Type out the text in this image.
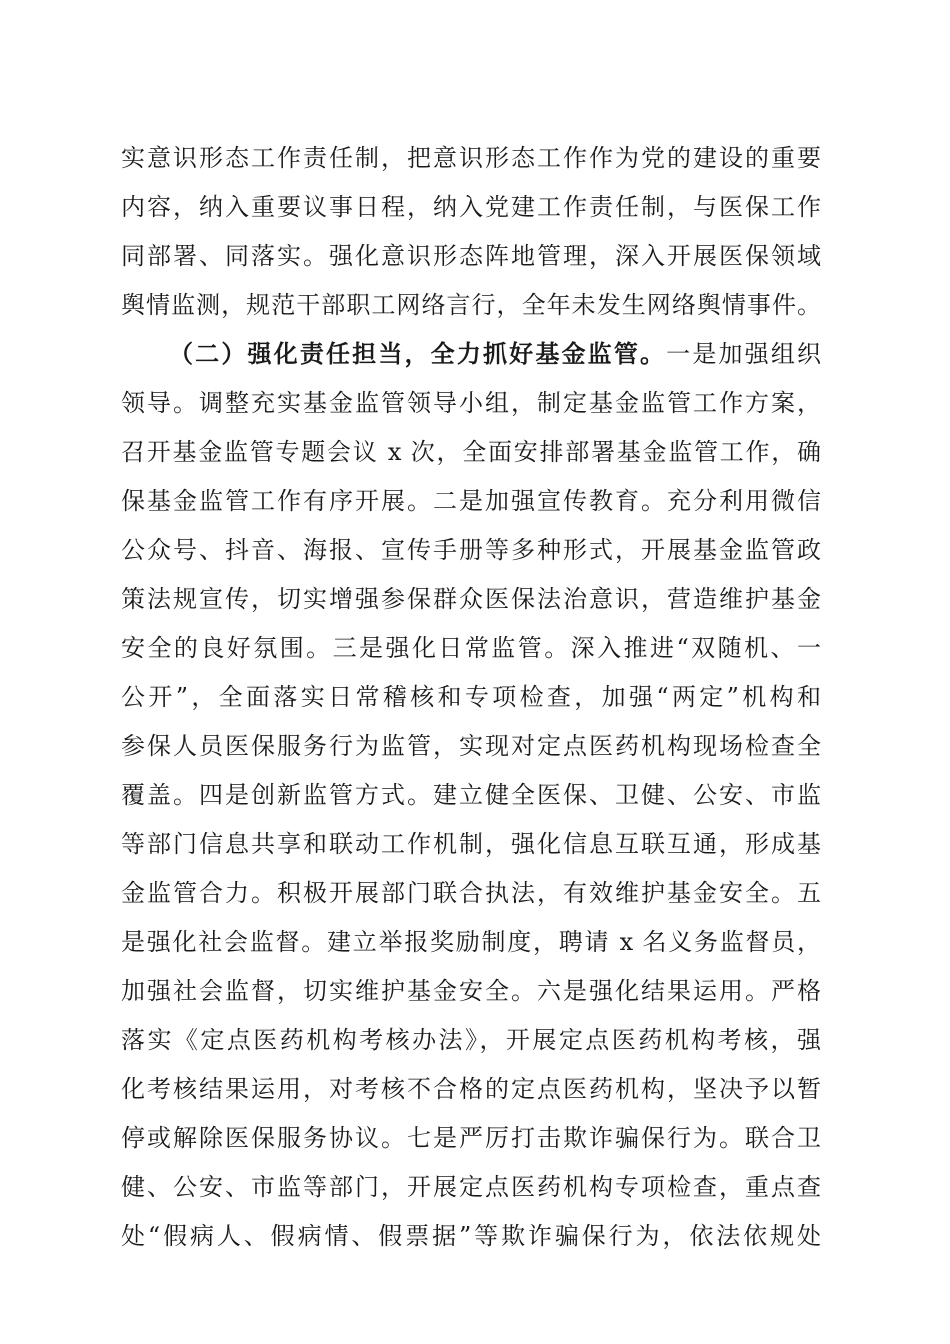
实意识形态工作责任制，把意识形态工作作为党的建设的重要
内容，纳入重要议事日程，纳入党建工作责任制，与医保工作
同部署、同落实。强化意识形态阵地管理，深入开展医保领域
舆情监测，规范干部职工网络言行，全年未发生网络舆情事件。
（二）强化责任担当，全力抓好基金监管。一是加强组织
领导。调整充实基金监管领导小组，制定基金监管工作方案，
召开基金监管专题会议 x 次，全面安排部署基金监管工作，确
保基金监管工作有序开展。二是加强宣传教育。充分利用微信
公众号、抖音、海报、宣传手册等多种形式，开展基金监管政
策法规宣传，切实增强参保群众医保法治意识，营造维护基金
安全的良好氛围。三是强化日常监管。深入推进“双随机、一
公开”，全面落实日常稽核和专项检查，加强“两定”机构和
参保人员医保服务行为监管，实现对定点医药机构现场检查全
覆盖。四是创新监管方式。建立健全医保、卫健、公安、市监
等部门信息共享和联动工作机制，强化信息互联互通，形成基
金监管合力。积极开展部门联合执法，有效维护基金安全。五
是强化社会监督。建立举报奖励制度，聘请 x 名义务监督员，
加强社会监督，切实维护基金安全。六是强化结果运用。严格
落实《定点医药机构考核办法》，开展定点医药机构考核，强
化考核结果运用，对考核不合格的定点医药机构，坚决予以暂
停或解除医保服务协议。七是严厉打击欺诈骗保行为。联合卫
健、公安、市监等部门，开展定点医药机构专项检查，重点查
处“假病人、假病情、假票据”等欺诈骗保行为，依法依规处
